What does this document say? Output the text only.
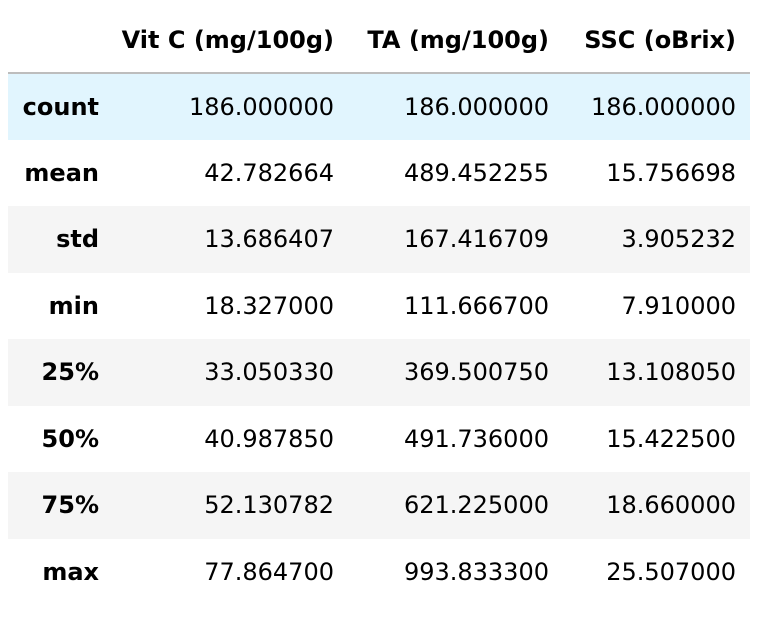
	Vit C (mg/100g)	TA (mg/100g)	SSC (oBrix)
count	186.000000	186.000000	186.000000
mean	42.782664	489.452255	15.756698
std	13.686407	167.416709	3.905232
min	18.327000	111.666700	7.910000
25%	33.050330	369.500750	13.108050
50%	40.987850	491.736000	15.422500
75%	52.130782	621.225000	18.660000
max	77.864700	993.833300	25.507000
